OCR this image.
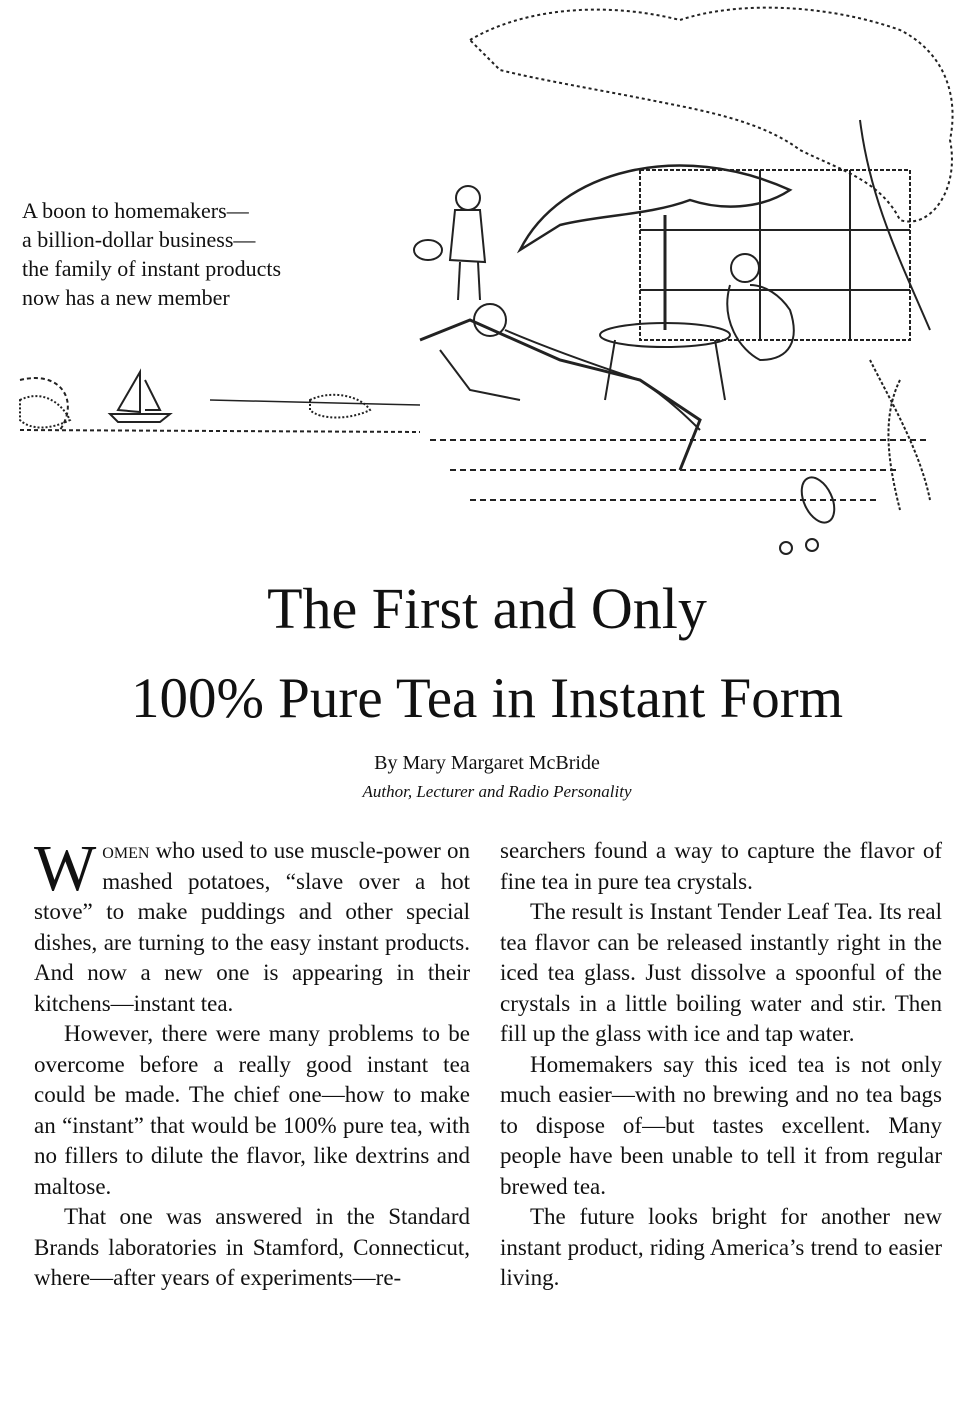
A boon to homemakers—
a billion-dollar business—
the family of instant products
now has a new member
The First and Only
100% Pure Tea in Instant Form
By Mary Margaret McBride
Author, Lecturer and Radio Personality

Women who used to use muscle-power on mashed potatoes, “slave over a hot stove” to make puddings and other special dishes, are turning to the easy instant products. And now a new one is appearing in their kitchens—instant tea.

However, there were many problems to be overcome before a really good instant tea could be made. The chief one—how to make an “instant” that would be 100% pure tea, with no fillers to dilute the flavor, like dextrins and maltose.

That one was answered in the Standard Brands laboratories in Stamford, Connecticut, where—after years of experiments—re-

searchers found a way to capture the flavor of fine tea in pure tea crystals.

The result is Instant Tender Leaf Tea. Its real tea flavor can be released instantly right in the iced tea glass. Just dissolve a spoonful of the crystals in a little boiling water and stir. Then fill up the glass with ice and tap water.

Homemakers say this iced tea is not only much easier—with no brewing and no tea bags to dispose of—but tastes excellent. Many people have been unable to tell it from regular brewed tea.

The future looks bright for another new instant product, riding America’s trend to easier living.
